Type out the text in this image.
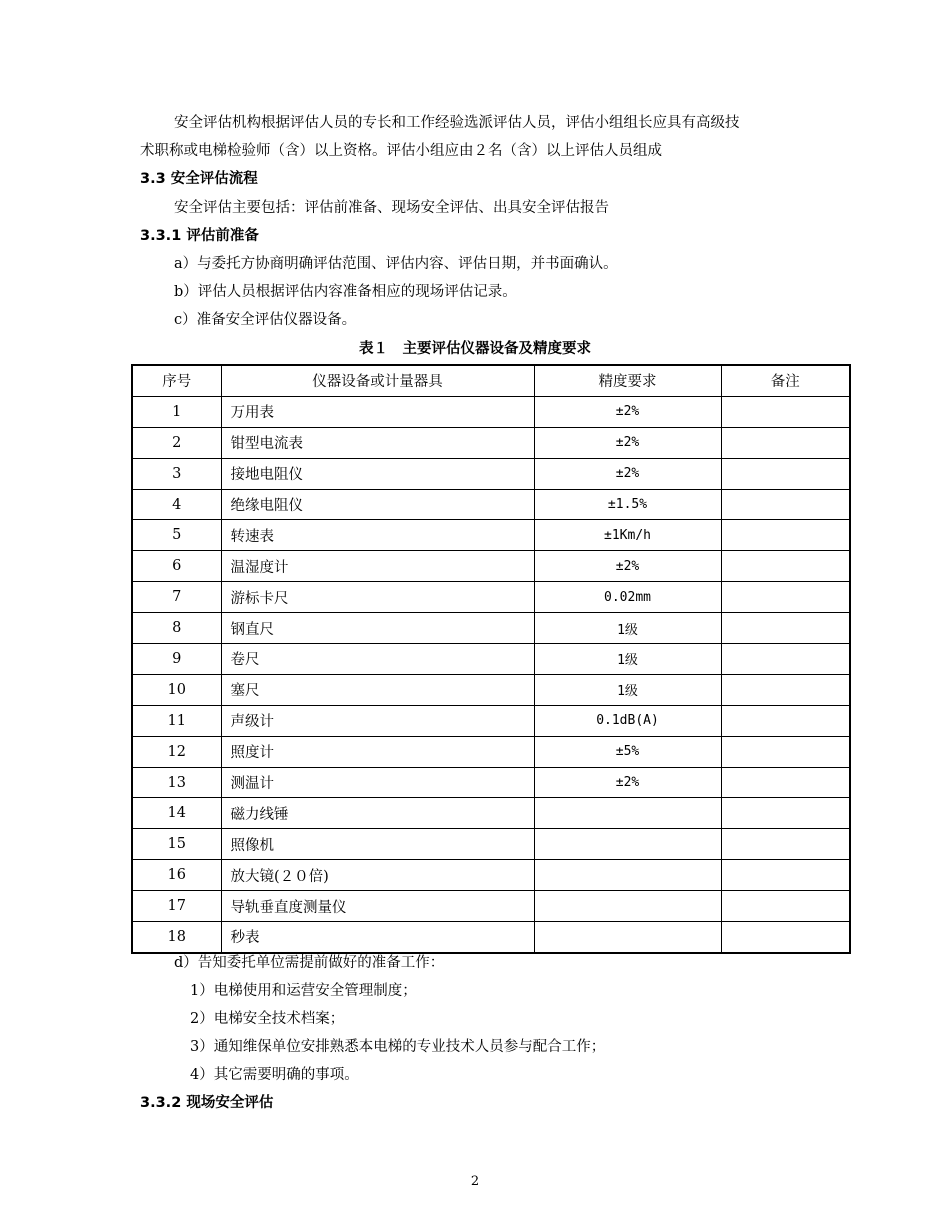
安全评估机构根据评估人员的专长和工作经验选派评估人员，评估小组组长应具有高级技
术职称或电梯检验师（含）以上资格。评估小组应由２名（含）以上评估人员组成
3.3 安全评估流程
安全评估主要包括：评估前准备、现场安全评估、出具安全评估报告
3.3.1 评估前准备
a）与委托方协商明确评估范围、评估内容、评估日期，并书面确认。
b）评估人员根据评估内容准备相应的现场评估记录。
c）准备安全评估仪器设备。
表１　主要评估仪器设备及精度要求
序号	仪器设备或计量器具	精度要求	备注
1	万用表	±2%	
2	钳型电流表	±2%	
3	接地电阻仪	±2%	
4	绝缘电阻仪	±1.5%	
5	转速表	±1Km/h	
6	温湿度计	±2%	
7	游标卡尺	0.02mm	
8	钢直尺	1级	
9	卷尺	1级	
10	塞尺	1级	
11	声级计	0.1dB(A)	
12	照度计	±5%	
13	测温计	±2%	
14	磁力线锤		
15	照像机		
16	放大镜(２０倍)		
17	导轨垂直度测量仪		
18	秒表		
d）告知委托单位需提前做好的准备工作：
1）电梯使用和运营安全管理制度；
2）电梯安全技术档案；
3）通知维保单位安排熟悉本电梯的专业技术人员参与配合工作；
4）其它需要明确的事项。
3.3.2 现场安全评估
2
